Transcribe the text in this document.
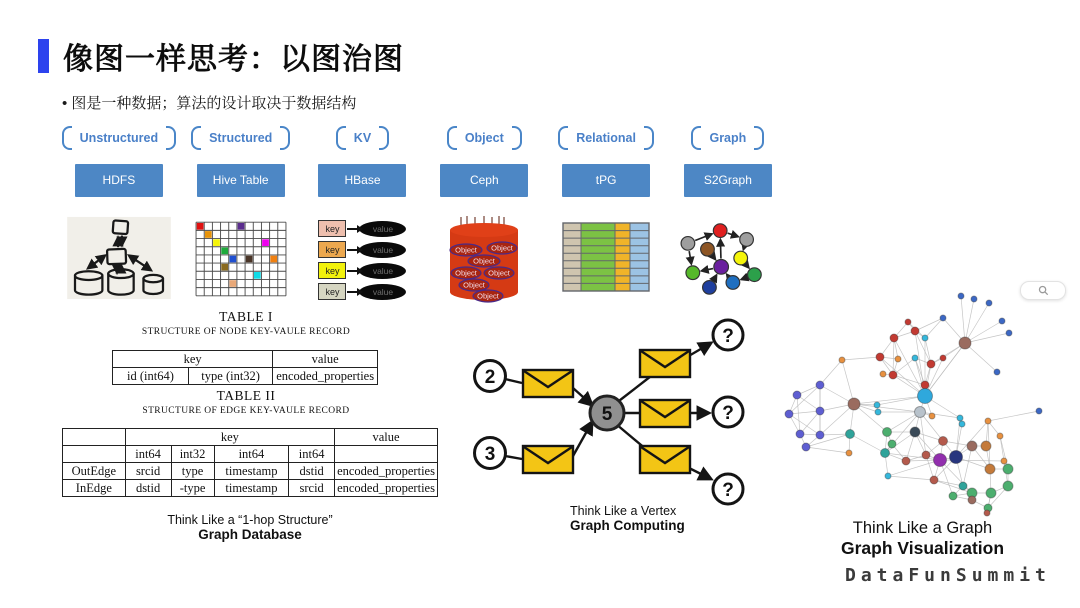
像图一样思考：以图治图
• 图是一种数据；算法的设计取决于数据结构
Unstructured	Structured	KV	Object	Relational	Graph
HDFS	Hive Table	HBase	Ceph	tPG	S2Graph
key	value
key	value
key	value
key	value
Object Object
Object
Object Object
Object
Object
TABLE I
STRUCTURE OF NODE KEY-VAULE RECORD
key		value
id (int64)	type (int32)	encoded_properties
TABLE II
STRUCTURE OF EDGE KEY-VAULE RECORD
	key				value
	int64	int32	int64	int64	
OutEdge	srcid	type	timestamp	dstid	encoded_properties
InEdge	dstid	-type	timestamp	srcid	encoded_properties
Think Like a “1-hop Structure”
Graph Database
2
3
5
?
?
?
Think Like a Vertex
Graph Computing	Think Like a Graph
Graph Visualization
DataFunSummit
